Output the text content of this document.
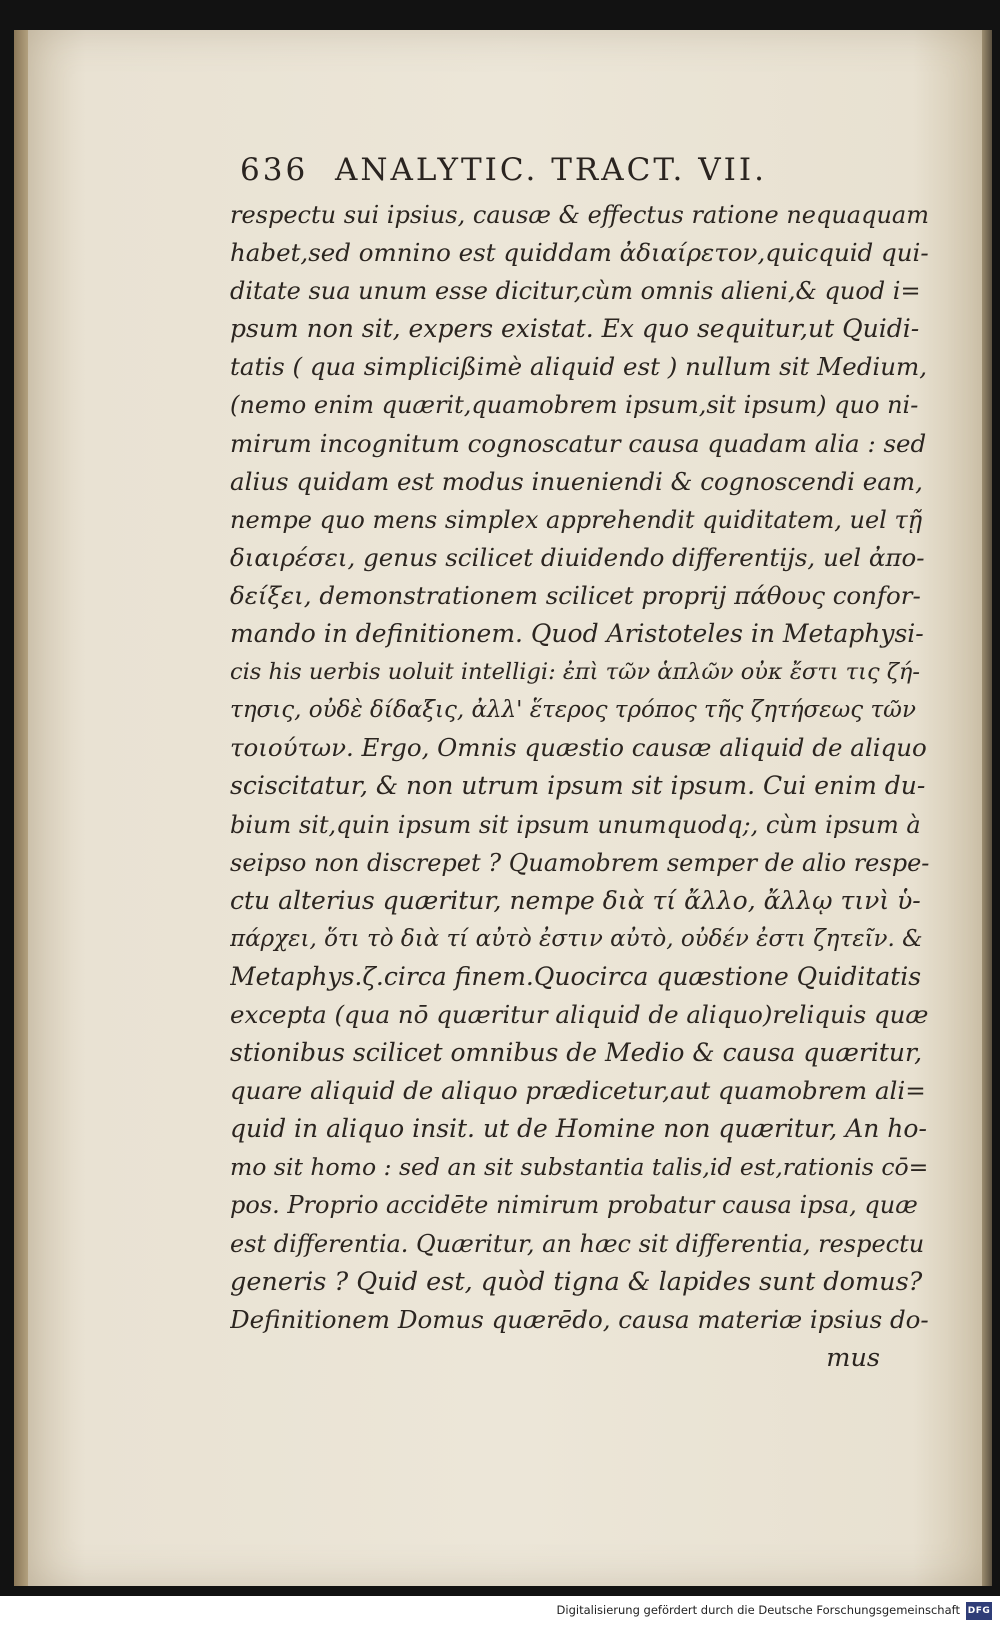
636 ANALYTIC. TRACT. VII.
respectu sui ipsius, causæ & effectus ratione nequaquam
habet,sed omnino est quiddam ἀδιαίρετον,quicquid qui-
ditate sua unum esse dicitur,cùm omnis alieni,& quod i=
psum non sit, expers existat. Ex quo sequitur,ut Quidi-
tatis ( qua simplicißimè aliquid est ) nullum sit Medium,
(nemo enim quærit,quamobrem ipsum,sit ipsum) quo ni-
mirum incognitum cognoscatur causa quadam alia : sed
alius quidam est modus inueniendi & cognoscendi eam,
nempe quo mens simplex apprehendit quiditatem, uel τῇ
διαιρέσει, genus scilicet diuidendo differentijs, uel ἀπο-
δείξει, demonstrationem scilicet proprij πάθους confor-
mando in definitionem. Quod Aristoteles in Metaphysi-
cis his uerbis uoluit intelligi: ἐπὶ τῶν ἁπλῶν οὐκ ἔστι τις ζή-
τησις, οὐδὲ δίδαξις, ἀλλ' ἕτερος τρόπος τῆς ζητήσεως τῶν
τοιούτων. Ergo, Omnis quæstio causæ aliquid de aliquo
sciscitatur, & non utrum ipsum sit ipsum. Cui enim du-
bium sit,quin ipsum sit ipsum unumquodq;, cùm ipsum à
seipso non discrepet ? Quamobrem semper de alio respe-
ctu alterius quæritur, nempe διὰ τί ἄλλο, ἄλλῳ τινὶ ὑ-
πάρχει, ὅτι τὸ διὰ τί αὐτὸ ἐστιν αὐτὸ, οὐδέν ἐστι ζητεῖν. &
Metaphys.ζ.circa finem.Quocirca quæstione Quiditatis
excepta (qua nō quæritur aliquid de aliquo)reliquis quæ
stionibus scilicet omnibus de Medio & causa quæritur,
quare aliquid de aliquo prædicetur,aut quamobrem ali=
quid in aliquo insit. ut de Homine non quæritur, An ho-
mo sit homo : sed an sit substantia talis,id est,rationis cō=
pos. Proprio accidēte nimirum probatur causa ipsa, quæ
est differentia. Quæritur, an hæc sit differentia, respectu
generis ? Quid est, quòd tigna & lapides sunt domus?
Definitionem Domus quærēdo, causa materiæ ipsius do-
mus
Digitalisierung gefördert durch die Deutsche Forschungsgemeinschaft DFG
